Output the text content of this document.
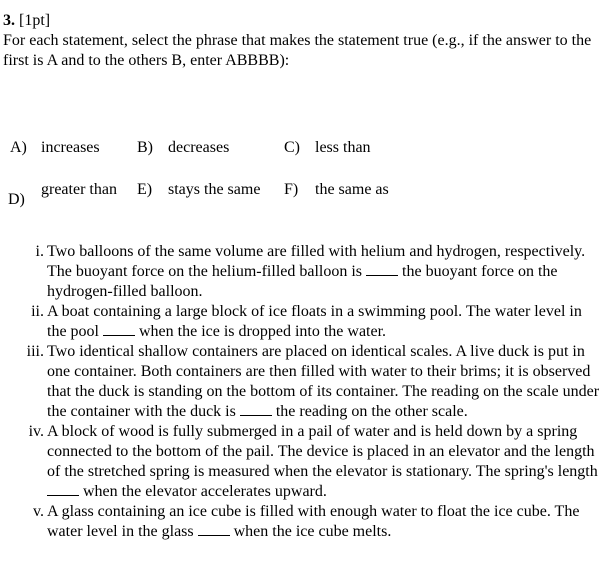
3. [1pt]
For each statement, select the phrase that makes the statement true (e.g., if the answer to the first is A and to the others B, enter ABBBB):
A) increases B) decreases	C) less than
D)
greater than E) stays the same F) the same as
i. Two balloons of the same volume are filled with helium and hydrogen, respectively. The buoyant force on the helium-filled balloon is  the buoyant force on the hydrogen-filled balloon.
ii. A boat containing a large block of ice floats in a swimming pool. The water level in the pool  when the ice is dropped into the water.
iii. Two identical shallow containers are placed on identical scales. A live duck is put in one container. Both containers are then filled with water to their brims; it is observed that the duck is standing on the bottom of its container. The reading on the scale under the container with the duck is  the reading on the other scale.
iv. A block of wood is fully submerged in a pail of water and is held down by a spring connected to the bottom of the pail. The device is placed in an elevator and the length of the stretched spring is measured when the elevator is stationary. The spring's length  when the elevator accelerates upward.
v. A glass containing an ice cube is filled with enough water to float the ice cube. The water level in the glass  when the ice cube melts.
